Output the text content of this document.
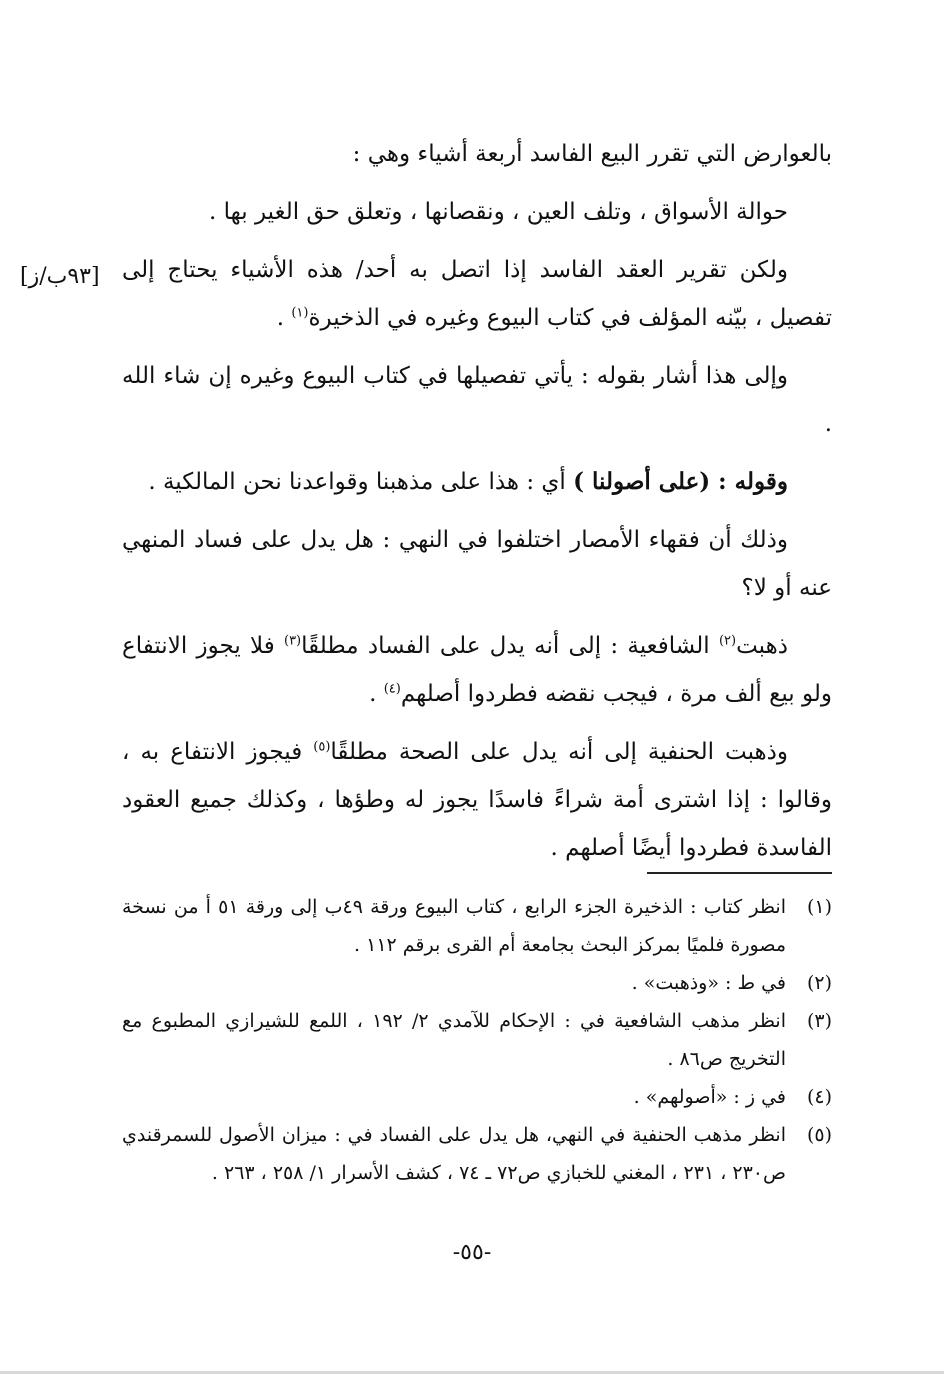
[٩٣ب/ز]

بالعوارض التي تقرر البيع الفاسد أربعة أشياء وهي :

حوالة الأسواق ، وتلف العين ، ونقصانها ، وتعلق حق الغير بها .

ولكن تقرير العقد الفاسد إذا اتصل به أحد/ هذه الأشياء يحتاج إلى تفصيل ، بيّنه المؤلف في كتاب البيوع وغيره في الذخيرة$^{(١)}$ .

وإلى هذا أشار بقوله : يأتي تفصيلها في كتاب البيوع وغيره إن شاء الله .

وقوله : (على أصولنا ) أي : هذا على مذهبنا وقواعدنا نحن المالكية .

وذلك أن فقهاء الأمصار اختلفوا في النهي : هل يدل على فساد المنهي عنه أو لا؟

ذهبت$^{(٢)}$ الشافعية : إلى أنه يدل على الفساد مطلقًا$^{(٣)}$ فلا يجوز الانتفاع ولو بيع ألف مرة ، فيجب نقضه فطردوا أصلهم$^{(٤)}$ .

وذهبت الحنفية إلى أنه يدل على الصحة مطلقًا$^{(٥)}$ فيجوز الانتفاع به ، وقالوا : إذا اشترى أمة شراءً فاسدًا يجوز له وطؤها ، وكذلك جميع العقود الفاسدة فطردوا أيضًا أصلهم .

(١)
انظر كتاب : الذخيرة الجزء الرابع ، كتاب البيوع ورقة ٤٩ب إلى ورقة ٥١ أ من نسخة مصورة فلميًا بمركز البحث بجامعة أم القرى برقم ١١٢ .
(٢)
في ط : «وذهبت» .
(٣)
انظر مذهب الشافعية في : الإحكام للآمدي ٢/ ١٩٢ ، اللمع للشيرازي المطبوع مع التخريج ص٨٦ .
(٤)
في ز : «أصولهم» .
(٥)
انظر مذهب الحنفية في النهي، هل يدل على الفساد في : ميزان الأصول للسمرقندي ص٢٣٠ ، ٢٣١ ، المغني للخبازي ص٧٢ ـ ٧٤ ، كشف الأسرار ١/ ٢٥٨ ، ٢٦٣ .
-٥٥-
